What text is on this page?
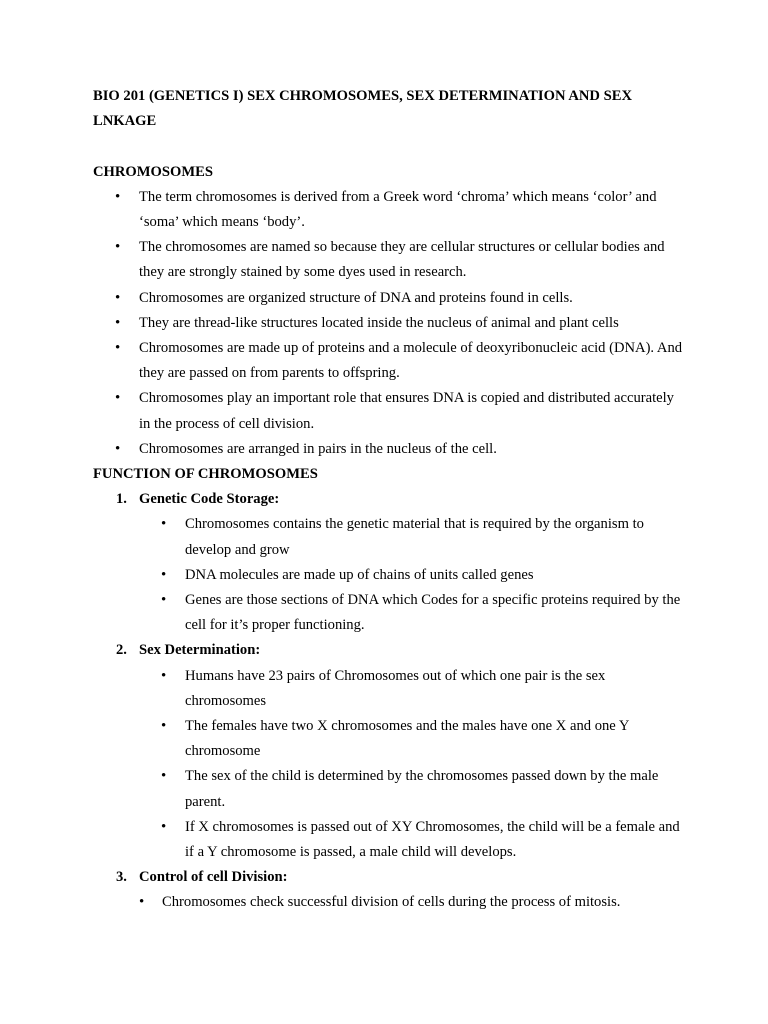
BIO 201 (GENETICS I) SEX CHROMOSOMES, SEX DETERMINATION AND SEX LNKAGE
CHROMOSOMES
• The term chromosomes is derived from a Greek word ‘chroma’ which means ‘color’ and ‘soma’ which means ‘body’.
• The chromosomes are named so because they are cellular structures or cellular bodies and they are strongly stained by some dyes used in research.
• Chromosomes are organized structure of DNA and proteins found in cells.
• They are thread-like structures located inside the nucleus of animal and plant cells
• Chromosomes are made up of proteins and a molecule of deoxyribonucleic acid (DNA). And they are passed on from parents to offspring.
• Chromosomes play an important role that ensures DNA is copied and distributed accurately in the process of cell division.
• Chromosomes are arranged in pairs in the nucleus of the cell.
FUNCTION OF CHROMOSOMES
1. Genetic Code Storage:
• Chromosomes contains the genetic material that is required by the organism to develop and grow
• DNA molecules are made up of chains of units called genes
• Genes are those sections of DNA which Codes for a specific proteins required by the cell for it’s proper functioning.
2. Sex Determination:
• Humans have 23 pairs of Chromosomes out of which one pair is the sex chromosomes
• The females have two X chromosomes and the males have one X and one Y chromosome
• The sex of the child is determined by the chromosomes passed down by the male parent.
• If X chromosomes is passed out of XY Chromosomes, the child will be a female and if a Y chromosome is passed, a male child will develops.
3. Control of cell Division:
• Chromosomes check successful division of cells during the process of mitosis.
